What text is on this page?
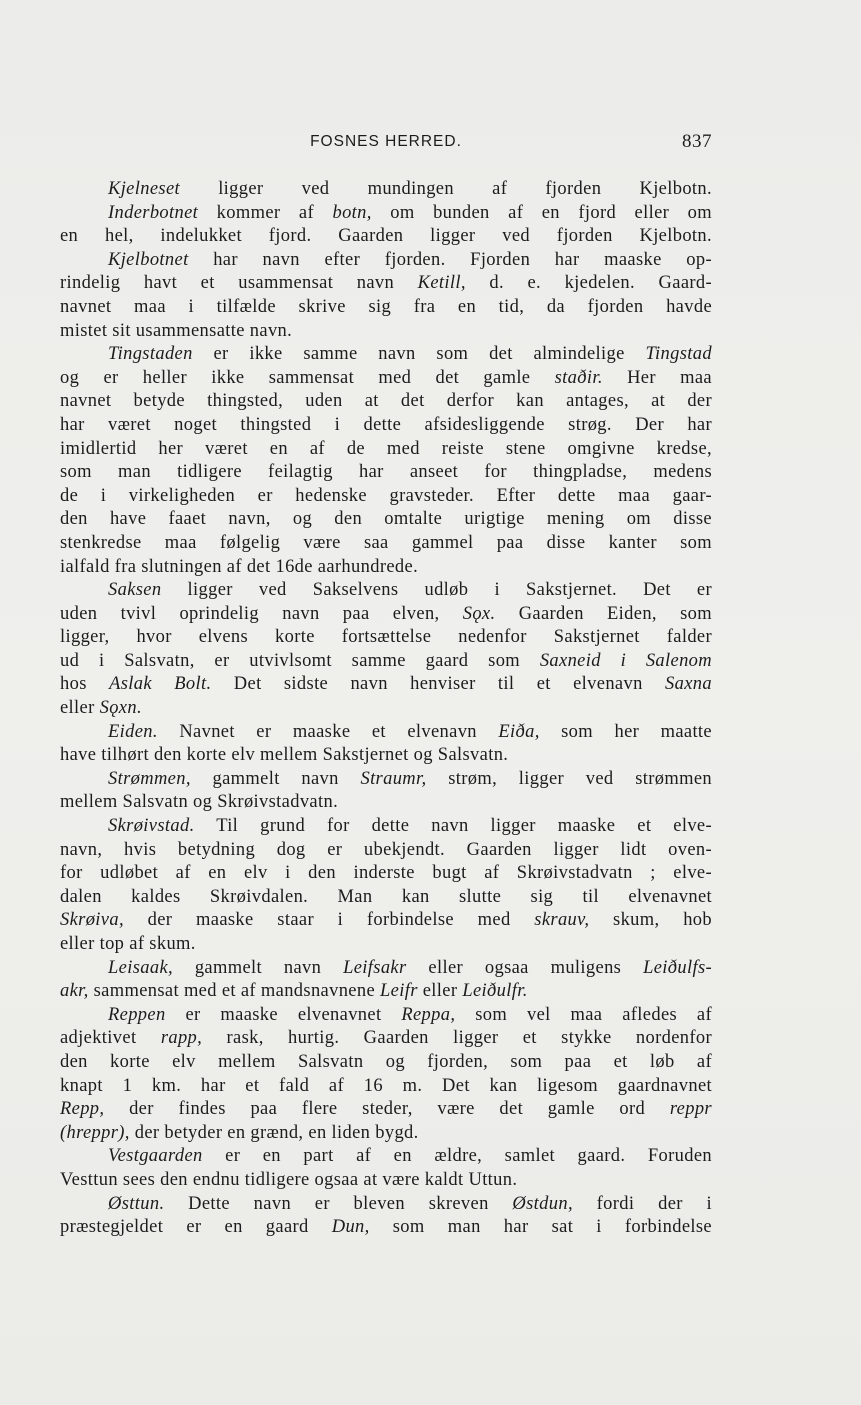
FOSNES HERRED.	837
Kjelneset ligger ved mundingen af fjorden Kjelbotn.
Inderbotnet kommer af botn, om bunden af en fjord eller om
en hel, indelukket fjord. Gaarden ligger ved fjorden Kjelbotn.
Kjelbotnet har navn efter fjorden. Fjorden har maaske op-
rindelig havt et usammensat navn Ketill, d. e. kjedelen. Gaard-
navnet maa i tilfælde skrive sig fra en tid, da fjorden havde
mistet sit usammensatte navn.
Tingstaden er ikke samme navn som det almindelige Tingstad
og er heller ikke sammensat med det gamle staðir. Her maa
navnet betyde thingsted, uden at det derfor kan antages, at der
har været noget thingsted i dette afsidesliggende strøg. Der har
imidlertid her været en af de med reiste stene omgivne kredse,
som man tidligere feilagtig har anseet for thingpladse, medens
de i virkeligheden er hedenske gravsteder. Efter dette maa gaar-
den have faaet navn, og den omtalte urigtige mening om disse
stenkredse maa følgelig være saa gammel paa disse kanter som
ialfald fra slutningen af det 16de aarhundrede.
Saksen ligger ved Sakselvens udløb i Sakstjernet. Det er
uden tvivl oprindelig navn paa elven, Sǫx. Gaarden Eiden, som
ligger, hvor elvens korte fortsættelse nedenfor Sakstjernet falder
ud i Salsvatn, er utvivlsomt samme gaard som Saxneid i Salenom
hos Aslak Bolt. Det sidste navn henviser til et elvenavn Saxna
eller Sǫxn.
Eiden. Navnet er maaske et elvenavn Eiða, som her maatte
have tilhørt den korte elv mellem Sakstjernet og Salsvatn.
Strømmen, gammelt navn Straumr, strøm, ligger ved strømmen
mellem Salsvatn og Skrøivstadvatn.
Skrøivstad. Til grund for dette navn ligger maaske et elve-
navn, hvis betydning dog er ubekjendt. Gaarden ligger lidt oven-
for udløbet af en elv i den inderste bugt af Skrøivstadvatn ; elve-
dalen kaldes Skrøivdalen. Man kan slutte sig til elvenavnet
Skrøiva, der maaske staar i forbindelse med skrauv, skum, hob
eller top af skum.
Leisaak, gammelt navn Leifsakr eller ogsaa muligens Leiðulfs-
akr, sammensat med et af mandsnavnene Leifr eller Leiðulfr.
Reppen er maaske elvenavnet Reppa, som vel maa afledes af
adjektivet rapp, rask, hurtig. Gaarden ligger et stykke nordenfor
den korte elv mellem Salsvatn og fjorden, som paa et løb af
knapt 1 km. har et fald af 16 m. Det kan ligesom gaardnavnet
Repp, der findes paa flere steder, være det gamle ord reppr
(hreppr), der betyder en grænd, en liden bygd.
Vestgaarden er en part af en ældre, samlet gaard. Foruden
Vesttun sees den endnu tidligere ogsaa at være kaldt Uttun.
Østtun. Dette navn er bleven skreven Østdun, fordi der i
præstegjeldet er en gaard Dun, som man har sat i forbindelse
